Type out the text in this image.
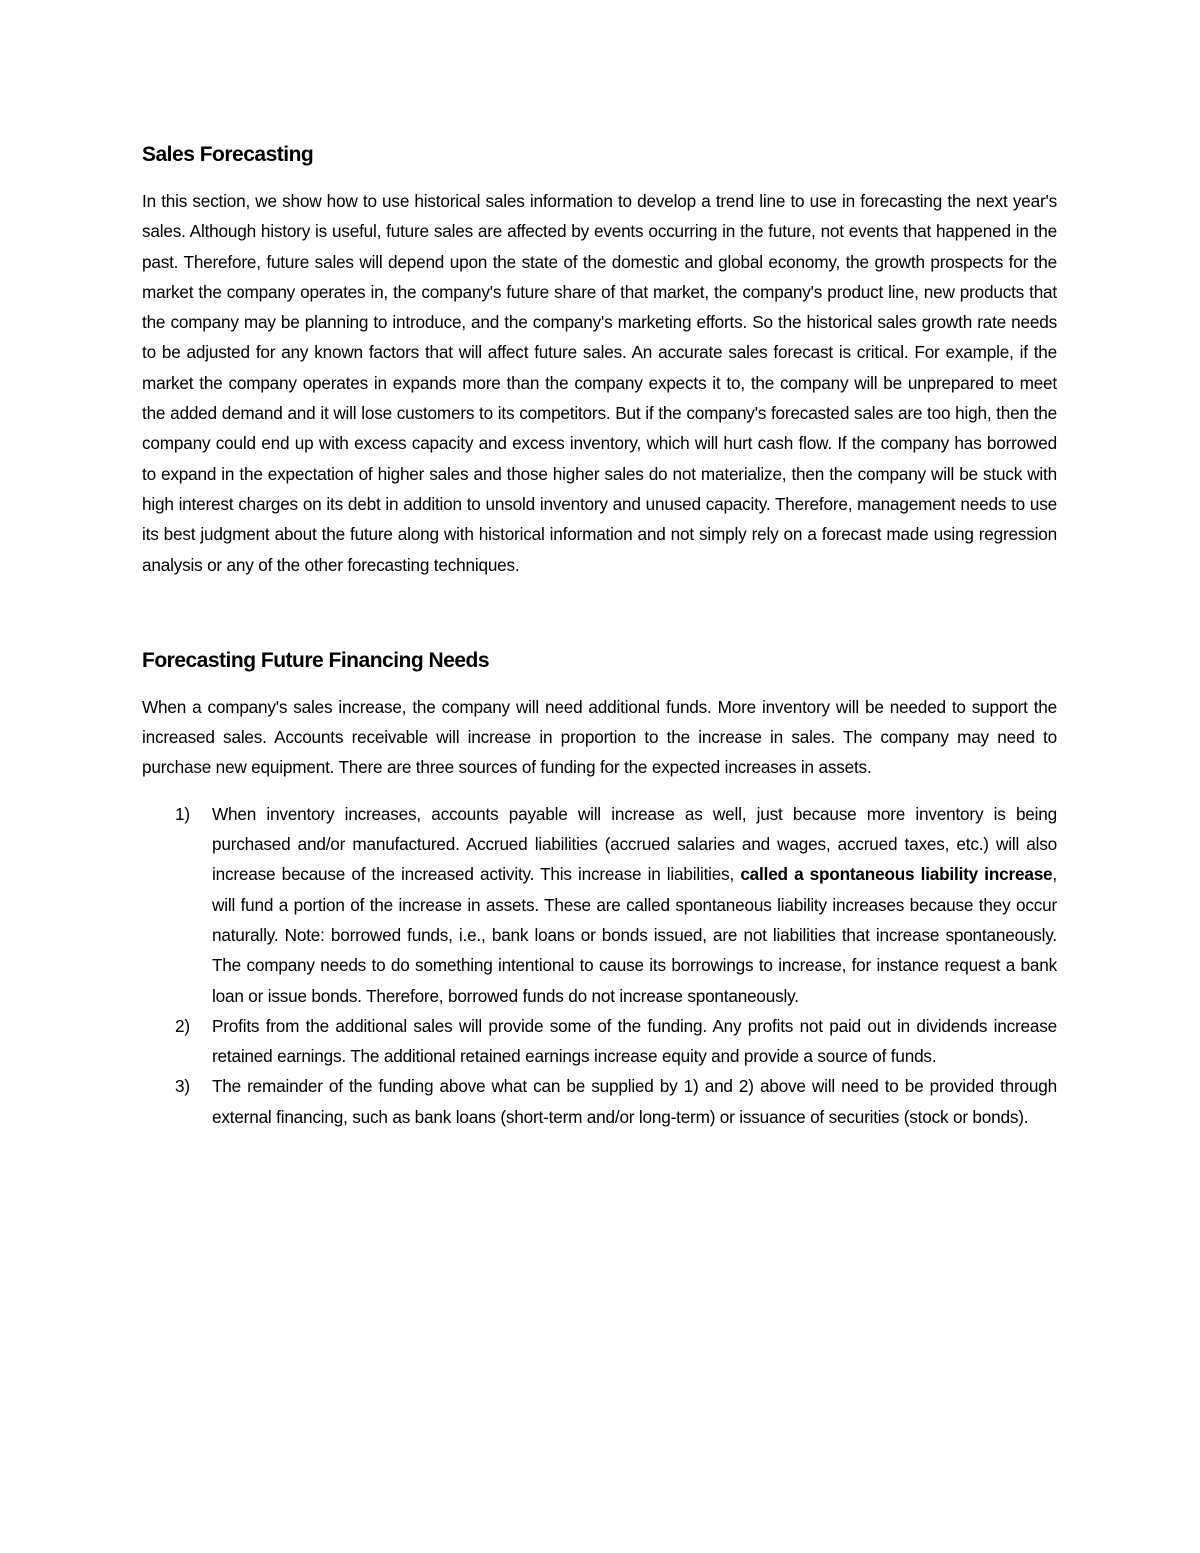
Sales Forecasting

In this section, we show how to use historical sales information to develop a trend line to use in forecasting the next year's sales. Although history is useful, future sales are affected by events occurring in the future, not events that happened in the past. Therefore, future sales will depend upon the state of the domestic and global economy, the growth prospects for the market the company operates in, the company's future share of that market, the company's product line, new products that the company may be planning to introduce, and the company's marketing efforts. So the historical sales growth rate needs to be adjusted for any known factors that will affect future sales. An accurate sales forecast is critical. For example, if the market the company operates in expands more than the company expects it to, the company will be unprepared to meet the added demand and it will lose customers to its competitors. But if the company's forecasted sales are too high, then the company could end up with excess capacity and excess inventory, which will hurt cash flow. If the company has borrowed to expand in the expectation of higher sales and those higher sales do not materialize, then the company will be stuck with high interest charges on its debt in addition to unsold inventory and unused capacity. Therefore, management needs to use its best judgment about the future along with historical information and not simply rely on a forecast made using regression analysis or any of the other forecasting techniques.

Forecasting Future Financing Needs

When a company's sales increase, the company will need additional funds. More inventory will be needed to support the increased sales. Accounts receivable will increase in proportion to the increase in sales. The company may need to purchase new equipment. There are three sources of funding for the expected increases in assets.

1) When inventory increases, accounts payable will increase as well, just because more inventory is being purchased and/or manufactured. Accrued liabilities (accrued salaries and wages, accrued taxes, etc.) will also increase because of the increased activity. This increase in liabilities, called a spontaneous liability increase, will fund a portion of the increase in assets. These are called spontaneous liability increases because they occur naturally. Note: borrowed funds, i.e., bank loans or bonds issued, are not liabilities that increase spontaneously. The company needs to do something intentional to cause its borrowings to increase, for instance request a bank loan or issue bonds. Therefore, borrowed funds do not increase spontaneously.
2) Profits from the additional sales will provide some of the funding. Any profits not paid out in dividends increase retained earnings. The additional retained earnings increase equity and provide a source of funds.
3) The remainder of the funding above what can be supplied by 1) and 2) above will need to be provided through external financing, such as bank loans (short-term and/or long-term) or issuance of securities (stock or bonds).
